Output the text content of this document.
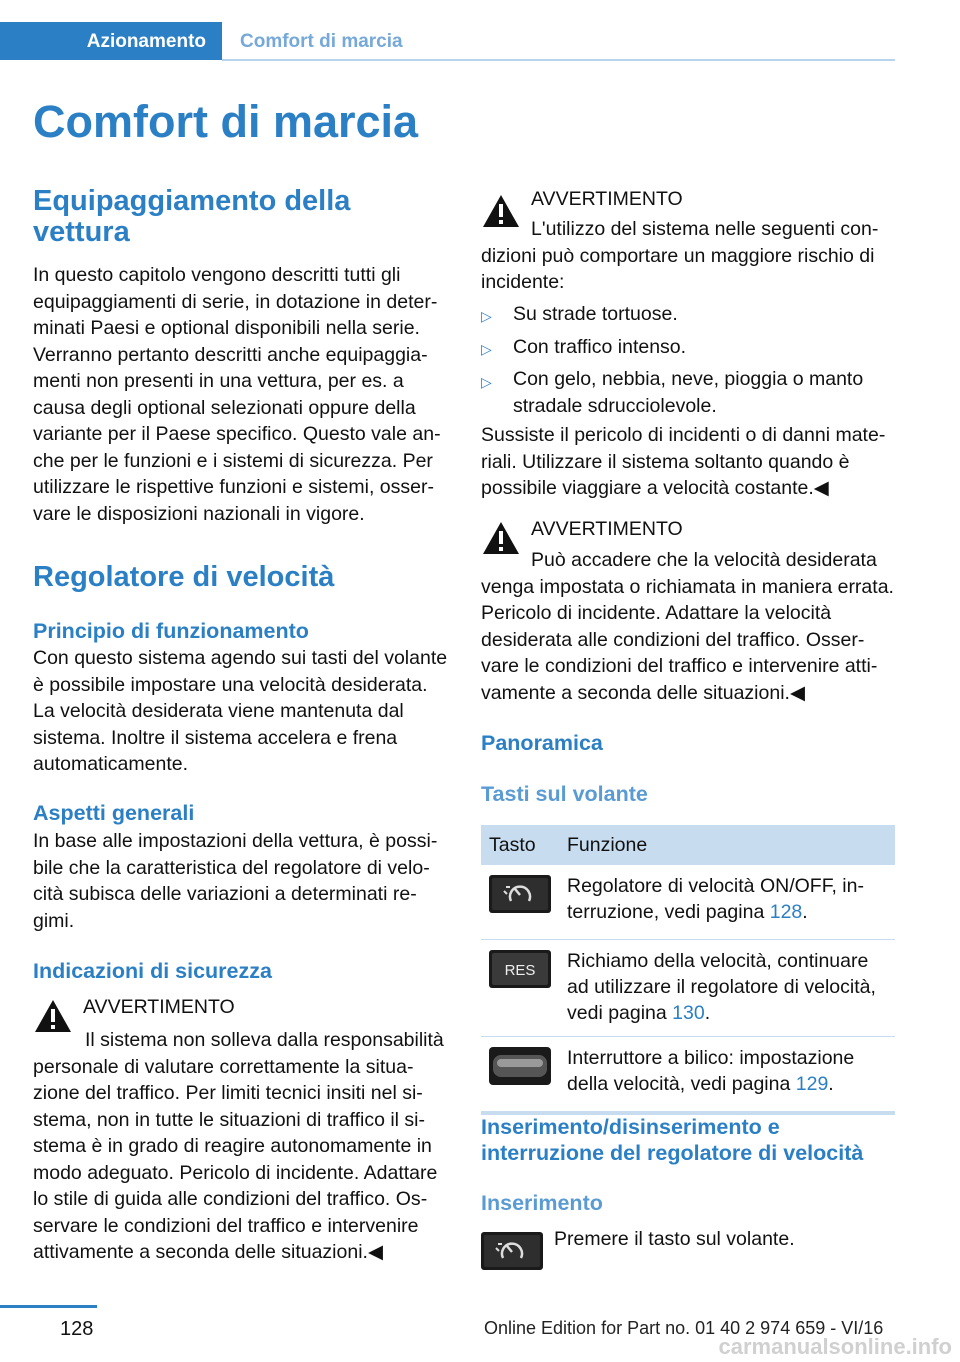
Azionamento Comfort di marcia
Comfort di marcia
Equipaggiamento della vettura

In questo capitolo vengono descritti tutti gli equipaggiamenti di serie, in dotazione in determinati Paesi e optional disponibili nella serie. Verranno pertanto descritti anche equipaggiamenti non presenti in una vettura, per es. a causa degli optional selezionati oppure della variante per il Paese specifico. Questo vale anche per le funzioni e i sistemi di sicurezza. Per utilizzare le rispettive funzioni e sistemi, osservare le disposizioni nazionali in vigore.

Regolatore di velocità
Principio di funzionamento

Con questo sistema agendo sui tasti del volante è possibile impostare una velocità desiderata. La velocità desiderata viene mantenuta dal sistema. Inoltre il sistema accelera e frena automaticamente.

Aspetti generali

In base alle impostazioni della vettura, è possibile che la caratteristica del regolatore di velocità subisca delle variazioni a determinati regimi.

Indicazioni di sicurezza
AVVERTIMENTO

Il sistema non solleva dalla responsabilità personale di valutare correttamente la situazione del traffico. Per limiti tecnici insiti nel sistema, non in tutte le situazioni di traffico il sistema è in grado di reagire autonomamente in modo adeguato. Pericolo di incidente. Adattare lo stile di guida alle condizioni del traffico. Osservare le condizioni del traffico e intervenire attivamente a seconda delle situazioni.◀

AVVERTIMENTO

L'utilizzo del sistema nelle seguenti condizioni può comportare un maggiore rischio di incidente:

▷ Su strade tortuose.
▷ Con traffico intenso.
▷ Con gelo, nebbia, neve, pioggia o manto stradale sdrucciolevole.

Sussiste il pericolo di incidenti o di danni materiali. Utilizzare il sistema soltanto quando è possibile viaggiare a velocità costante.◀

AVVERTIMENTO

Può accadere che la velocità desiderata venga impostata o richiamata in maniera errata. Pericolo di incidente. Adattare la velocità desiderata alle condizioni del traffico. Osservare le condizioni del traffico e intervenire attivamente a seconda delle situazioni.◀

Panoramica
Tasti sul volante
Tasto	Funzione

	Regolatore di velocità ON/OFF, interruzione, vedi pagina 128.

RES	Richiamo della velocità, continuare ad utilizzare il regolatore di velocità, vedi pagina 130.

	Interruttore a bilico: impostazione della velocità, vedi pagina 129.
Inserimento/disinserimento e interruzione del regolatore di velocità
Inserimento

Premere il tasto sul volante.

128	Online Edition for Part no. 01 40 2 974 659 - VI/16
carmanualsonline.info
